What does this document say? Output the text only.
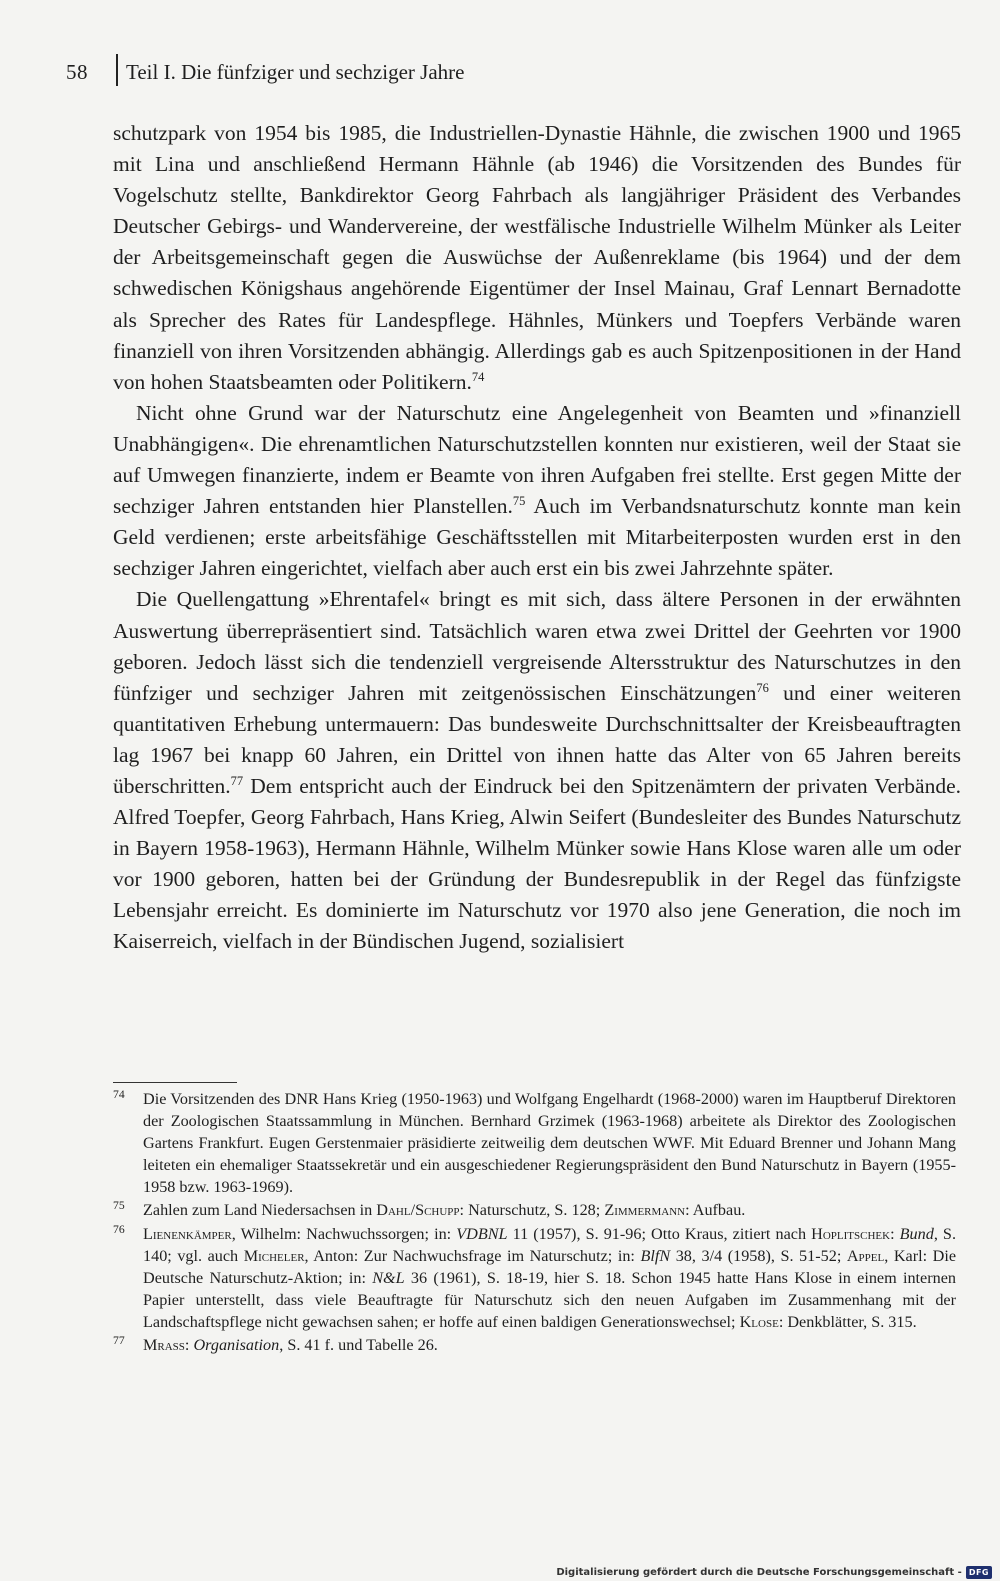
58 Teil I. Die fünfziger und sechziger Jahre

schutzpark von 1954 bis 1985, die Industriellen-Dynastie Hähnle, die zwischen 1900 und 1965 mit Lina und anschließend Hermann Hähnle (ab 1946) die Vorsitzenden des Bundes für Vogelschutz stellte, Bankdirektor Georg Fahrbach als langjähriger Präsident des Verbandes Deutscher Gebirgs- und Wandervereine, der westfälische Industrielle Wilhelm Münker als Leiter der Arbeitsgemeinschaft gegen die Auswüchse der Außenreklame (bis 1964) und der dem schwedischen Königshaus angehörende Eigentümer der Insel Mainau, Graf Lennart Bernadotte als Sprecher des Rates für Landespflege. Hähnles, Münkers und Toepfers Verbände waren finanziell von ihren Vorsitzenden abhängig. Allerdings gab es auch Spitzenpositionen in der Hand von hohen Staatsbeamten oder Politikern.$^{74}$

Nicht ohne Grund war der Naturschutz eine Angelegenheit von Beamten und »finanziell Unabhängigen«. Die ehrenamtlichen Naturschutzstellen konnten nur existieren, weil der Staat sie auf Umwegen finanzierte, indem er Beamte von ihren Aufgaben frei stellte. Erst gegen Mitte der sechziger Jahren entstanden hier Planstellen.$^{75}$ Auch im Verbandsnaturschutz konnte man kein Geld verdienen; erste arbeitsfähige Geschäftsstellen mit Mitarbeiterposten wurden erst in den sechziger Jahren eingerichtet, vielfach aber auch erst ein bis zwei Jahrzehnte später.

Die Quellengattung »Ehrentafel« bringt es mit sich, dass ältere Personen in der erwähnten Auswertung überrepräsentiert sind. Tatsächlich waren etwa zwei Drittel der Geehrten vor 1900 geboren. Jedoch lässt sich die tendenziell vergreisende Altersstruktur des Naturschutzes in den fünfziger und sechziger Jahren mit zeitgenössischen Einschätzungen$^{76}$ und einer weiteren quantitativen Erhebung untermauern: Das bundesweite Durchschnittsalter der Kreisbeauftragten lag 1967 bei knapp 60 Jahren, ein Drittel von ihnen hatte das Alter von 65 Jahren bereits überschritten.$^{77}$ Dem entspricht auch der Eindruck bei den Spitzenämtern der privaten Verbände. Alfred Toepfer, Georg Fahrbach, Hans Krieg, Alwin Seifert (Bundesleiter des Bundes Naturschutz in Bayern 1958-1963), Hermann Hähnle, Wilhelm Münker sowie Hans Klose waren alle um oder vor 1900 geboren, hatten bei der Gründung der Bundesrepublik in der Regel das fünfzigste Lebensjahr erreicht. Es dominierte im Naturschutz vor 1970 also jene Generation, die noch im Kaiserreich, vielfach in der Bündischen Jugend, sozialisiert

74 Die Vorsitzenden des DNR Hans Krieg (1950-1963) und Wolfgang Engelhardt (1968-2000) waren im Hauptberuf Direktoren der Zoologischen Staatssammlung in München. Bernhard Grzimek (1963-1968) arbeitete als Direktor des Zoologischen Gartens Frankfurt. Eugen Gerstenmaier präsidierte zeitweilig dem deutschen WWF. Mit Eduard Brenner und Johann Mang leiteten ein ehemaliger Staatssekretär und ein ausgeschiedener Regierungspräsident den Bund Naturschutz in Bayern (1955-1958 bzw. 1963-1969).
75 Zahlen zum Land Niedersachsen in Dahl/Schupp: Naturschutz, S. 128; Zimmermann: Aufbau.
76 Lienenkämper, Wilhelm: Nachwuchssorgen; in: VDBNL 11 (1957), S. 91-96; Otto Kraus, zitiert nach Hoplitschek: Bund, S. 140; vgl. auch Micheler, Anton: Zur Nachwuchsfrage im Naturschutz; in: BlfN 38, 3/4 (1958), S. 51-52; Appel, Karl: Die Deutsche Naturschutz-Aktion; in: N&L 36 (1961), S. 18-19, hier S. 18. Schon 1945 hatte Hans Klose in einem internen Papier unterstellt, dass viele Beauftragte für Naturschutz sich den neuen Aufgaben im Zusammenhang mit der Landschaftspflege nicht gewachsen sahen; er hoffe auf einen baldigen Generationswechsel; Klose: Denkblätter, S. 315.
77 Mrass: Organisation, S. 41 f. und Tabelle 26.
Digitalisierung gefördert durch die Deutsche Forschungsgemeinschaft - DFG
